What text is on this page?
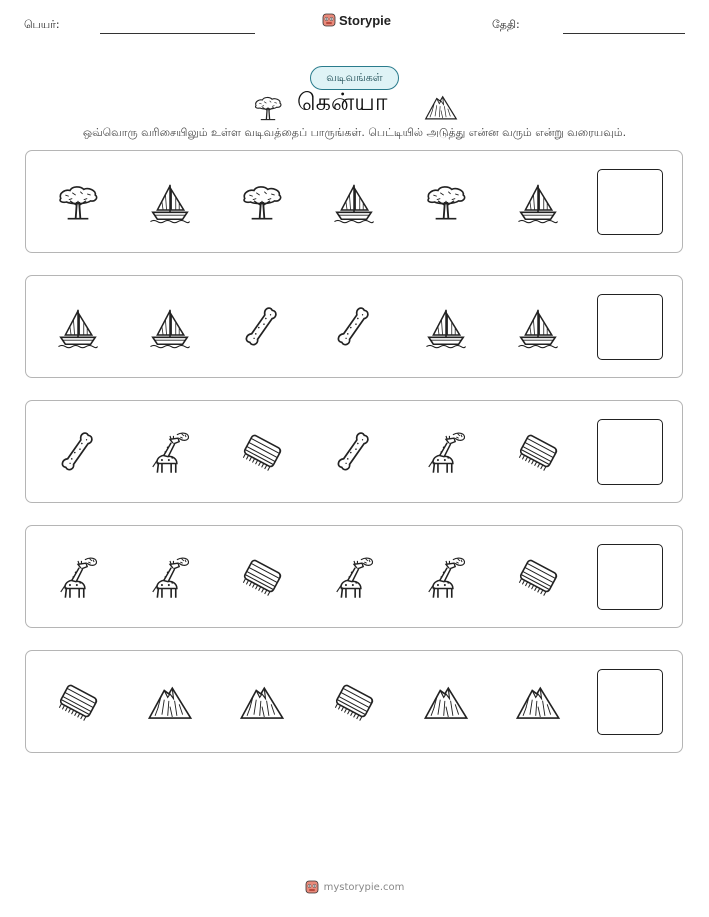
பெயர்:	Storypie	தேதி:
வடிவங்கள்
கென்யா
ஒவ்வொரு வரிசையிலும் உள்ள வடிவத்தைப் பாருங்கள். பெட்டியில் அடுத்து என்ன வரும் என்று வரையவும்.
mystorypie.com
